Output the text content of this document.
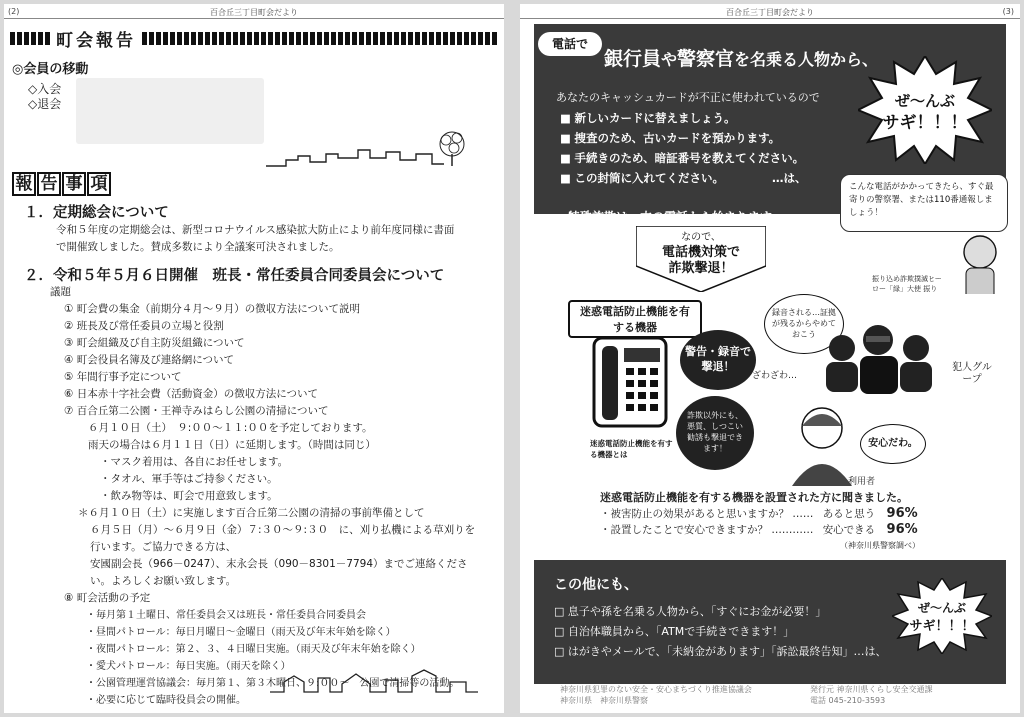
(2)	百合丘三丁目町会だより
町会報告
◎会員の移動
◇入会
◇退会
報 告 事 項
１．定期総会について
令和５年度の定期総会は、新型コロナウイルス感染拡大防止により前年度同様に書面
で開催致しました。賛成多数により全議案可決されました。
２．令和５年５月６日開催　班長・常任委員合同委員会について
議題
① 町会費の集金（前期分４月～９月）の徴収方法について説明
② 班長及び常任委員の立場と役割
③ 町会組織及び自主防災組織について
④ 町会役員名簿及び連絡網について
⑤ 年間行事予定について
⑥ 日本赤十字社会費（活動資金）の徴収方法について
⑦ 百合丘第二公園・王禅寺みはらし公園の清掃について
６月１０日（土）　９:００～１１:００を予定しております。
雨天の場合は６月１１日（日）に延期します。（時間は同じ）
・マスク着用は、各自にお任せします。
・タオル、軍手等はご持参ください。
・飲み物等は、町会で用意致します。
＊６月１０日（土）に実施します百合丘第二公園の清掃の事前準備として
６月５日（月）～６月９日（金）７:３０～９:３０　に、刈り払機による草刈りを
行います。ご協力できる方は、
安國副会長（966－0247）、末永会長（090－8301－7794）までご連絡くださ
い。よろしくお願い致します。
⑧ 町会活動の予定
・毎月第１土曜日、常任委員会又は班長・常任委員合同委員会
・昼間パトロール：毎日月曜日～金曜日（雨天及び年末年始を除く）
・夜間パトロール：第２、３、４日曜日実施。（雨天及び年末年始を除く）
・愛犬パトロール：毎日実施。（雨天を除く）
・公園管理運営協議会：毎月第１、第３木曜日、９:００～　公園で清掃等の活動。
・必要に応じて臨時役員会の開催。
百合丘三丁目町会だより	(3)
電話で
銀行員や警察官を名乗る人物から、
あなたのキャッシュカードが不正に使われているので
■ 新しいカードに替えましょう。
■ 捜査のため、古いカードを預かります。
■ 手続きのため、暗証番号を教えてください。
■ この封筒に入れてください。	…は、
ぜ～んぶ
サギ！！！
こんな電話がかかってきたら、すぐ最寄りの警察署、または110番通報しましょう！
特殊詐欺は一本の電話から始まります…
なので、
電話機対策で
詐欺撃退！
振り込め詐欺撲滅ヒーロー「緑」大使 振り
迷惑電話防止機能を有する機器
警告・録音で撃退！
録音される…証拠が残るからやめておこう
ざわざわ…
犯人グループ
詐欺以外にも、悪質、しつこい勧誘も撃退できます！	安心だわ。
利用者
迷惑電話防止機能を有する機器とは
迷惑電話防止機能を有する機器を設置された方に聞きました。
・被害防止の効果があると思いますか？ …… あると思う 96%
・設置したことで安心できますか？ ………… 安心できる 96%
（神奈川県警察調べ）
この他にも、
□ 息子や孫を名乗る人物から、「すぐにお金が必要！」
□ 自治体職員から、「ATMで手続きできます！」
□ はがきやメールで、「未納金があります」「訴訟最終告知」…は、
ぜ～んぶ
サギ！！！
神奈川県犯罪のない安全・安心まちづくり推進協議会
神奈川県　神奈川県警察
発行元 神奈川県くらし安全交通課
電話 045-210-3593
